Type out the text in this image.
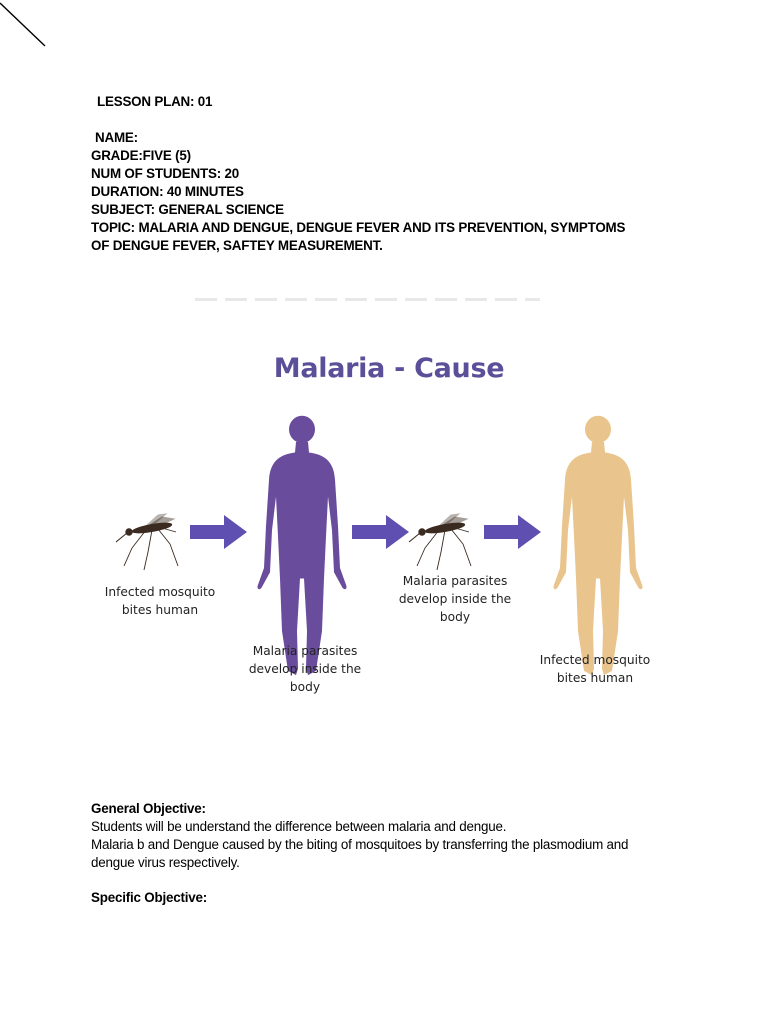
LESSON PLAN: 01
NAME:
GRADE:FIVE (5)
NUM OF STUDENTS: 20
DURATION: 40 MINUTES
SUBJECT: GENERAL SCIENCE
TOPIC: MALARIA AND DENGUE, DENGUE FEVER AND ITS PREVENTION, SYMPTOMS
OF DENGUE FEVER, SAFTEY MEASUREMENT.
Malaria - Cause
Infected mosquito
bites human
Malaria parasites
develop inside the
body
Malaria parasites
develop inside the
body
Infected mosquito
bites human
General Objective:
Students will be understand the difference between malaria and dengue.
Malaria b and Dengue caused by the biting of mosquitoes by transferring the plasmodium and
dengue virus respectively.
Specific Objective:
